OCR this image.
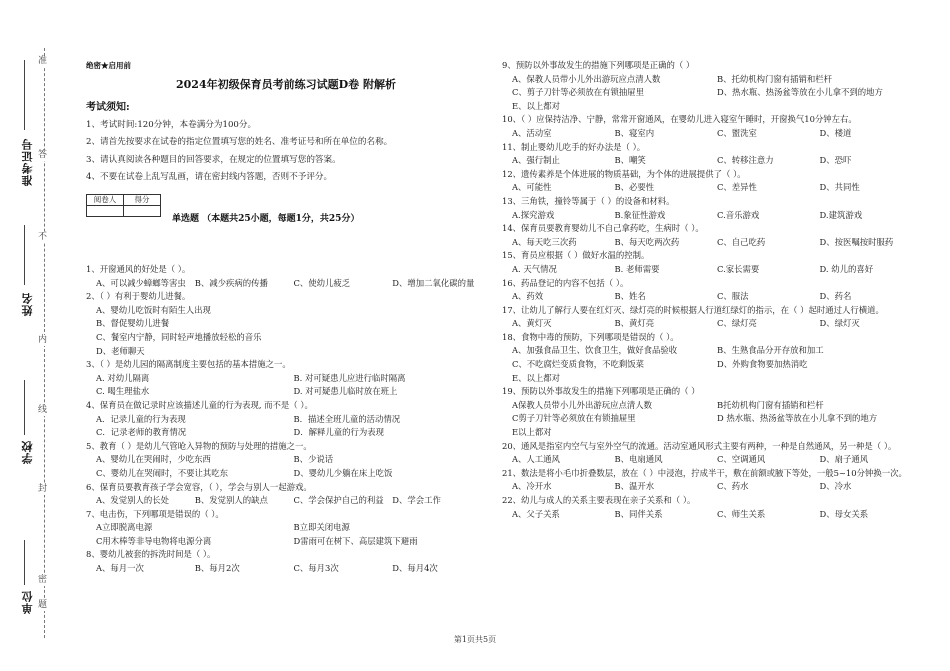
准
不
内
线
封
密
题
答
准考证号
姓名
学校
单位
绝密★启用前
2024年初级保育员考前练习试题D卷 附解析
考试须知:
1、考试时间:120分钟，本卷满分为100分。
2、请首先按要求在试卷的指定位置填写您的姓名、准考证号和所在单位的名称。
3、请认真阅读各种题目的回答要求，在规定的位置填写您的答案。
4、不要在试卷上乱写乱画，请在密封线内答题，否则不予评分。
阅卷人	得分

单选题 （本题共25小题，每题1分，共25分）
1、开窗通风的好处是（ ）。
A、可以减少蟑螂等害虫	B、减少疾病的传播	C、使幼儿疲乏	D、增加二氧化碳的量
2、（ ）有利于婴幼儿进餐。
A、婴幼儿吃饭时有陌生人出现
B、督促婴幼儿进餐
C、餐室内宁静，同时轻声地播放轻松的音乐
D、老师聊天
3、（ ）是幼儿园的隔离制度主要包括的基本措施之一。
A. 对幼儿隔离	B. 对可疑患儿应进行临时隔离
C. 喝生理盐水	D. 对可疑患儿临时放在班上
4、保育员在做记录时应该描述儿童的行为表现, 而不是（ ）。
A．记录儿童的行为表现	B．描述全班儿童的活动情况
C．记录老师的教育情况	D．解释儿童的行为表现
5、教育（ ）是幼儿气管呛入异物的预防与处理的措施之一。
A、婴幼儿在哭闹时，少吃东西	B、少说话
C、婴幼儿在哭闹时，不要让其吃东	D、婴幼儿少躺在床上吃饭
6、保育员要教育孩子学会宽容，（ ），学会与别人一起游戏。
A、发觉别人的长处	B、发觉别人的缺点	C、学会保护自己的利益	D、学会工作
7、电击伤，下列哪项是错误的（ ）。
A立即脱离电源	B立即关闭电源
C用木棒等非导电物将电源分离	D雷雨可在树下、高层建筑下避雨
8、婴幼儿被套的拆洗时间是（ ）。
A、每月一次	B、每月2次	C、每月3次	D、每月4次
9、预防以外事故发生的措施下列哪项是正确的（ ）
A、保教人员带小儿外出游玩应点清人数	B、托幼机构门窗有插销和栏杆
C、剪子刀针等必须放在有锁抽屉里	D、热水瓶、热汤盆等放在小儿拿不到的地方
E、以上都对
10、（ ）应保持洁净、宁静，常常开窗通风，在婴幼儿进入寝室午睡时，开窗换气10分钟左右。
A、活动室	B、寝室内	C、盥洗室	D、楼道
11、制止婴幼儿吃手的好办法是（ ）。
A、强行制止	B、嘲笑	C、转移注意力	D、恐吓
12、遗传素养是个体进展的物质基础，为个体的进展提供了（ ）。
A、可能性	B、必要性	C、差异性	D、共同性
13、三角铁，撞铃等属于（ ）的设备和材料。
A.探究游戏	B.象征性游戏	C.音乐游戏	D.建筑游戏
14、保育员要教育婴幼儿不自己拿药吃，生病时（ ）。
A、每天吃三次药	B、每天吃两次药	C、自己吃药	D、按医嘱按时服药
15、育员应根据（ ）做好水温的控制。
A. 天气情况	B. 老师需要	C.家长需要	D. 幼儿的喜好
16、药品登记的内容不包括（ ）。
A、药效	B、姓名	C、服法	D、药名
17、让幼儿了解行人要在红灯灭、绿灯亮的时候根据人行道红绿灯的指示，在（ ）起时通过人行横道。
A、黄灯灭	B、黄灯亮	C、绿灯亮	D、绿灯灭
18、食物中毒的预防，下列哪项是错误的（ ）。
A、加强食品卫生、饮食卫生，做好食品验收	B、生熟食品分开存放和加工
C、不吃腐烂变质食物，不吃剩饭菜	D、外购食物要加热消吃
E、以上都对
19、预防以外事故发生的措施下列哪项是正确的（ ）
A保教人员带小儿外出游玩应点清人数	B托幼机构门窗有插销和栏杆
C剪子刀针等必须放在有锁抽屉里	D 热水瓶、热汤盆等放在小儿拿不到的地方
E以上都对
20、通风是指室内空气与室外空气的流通。活动室通风形式主要有两种，一种是自然通风，另一种是（ ）。
A、人工通风	B、电扇通风	C、空调通风	D、扇子通风
21、数法是将小毛巾折叠数层，放在（ ）中浸泡，拧成半干，敷在前额或腋下等处，一般5~10分钟换一次。
A、冷开水	B、温开水	C、药水	D、冷水
22、幼儿与成人的关系主要表现在亲子关系和（ ）。
A、父子关系	B、同伴关系	C、师生关系	D、母女关系
第1页共5页
